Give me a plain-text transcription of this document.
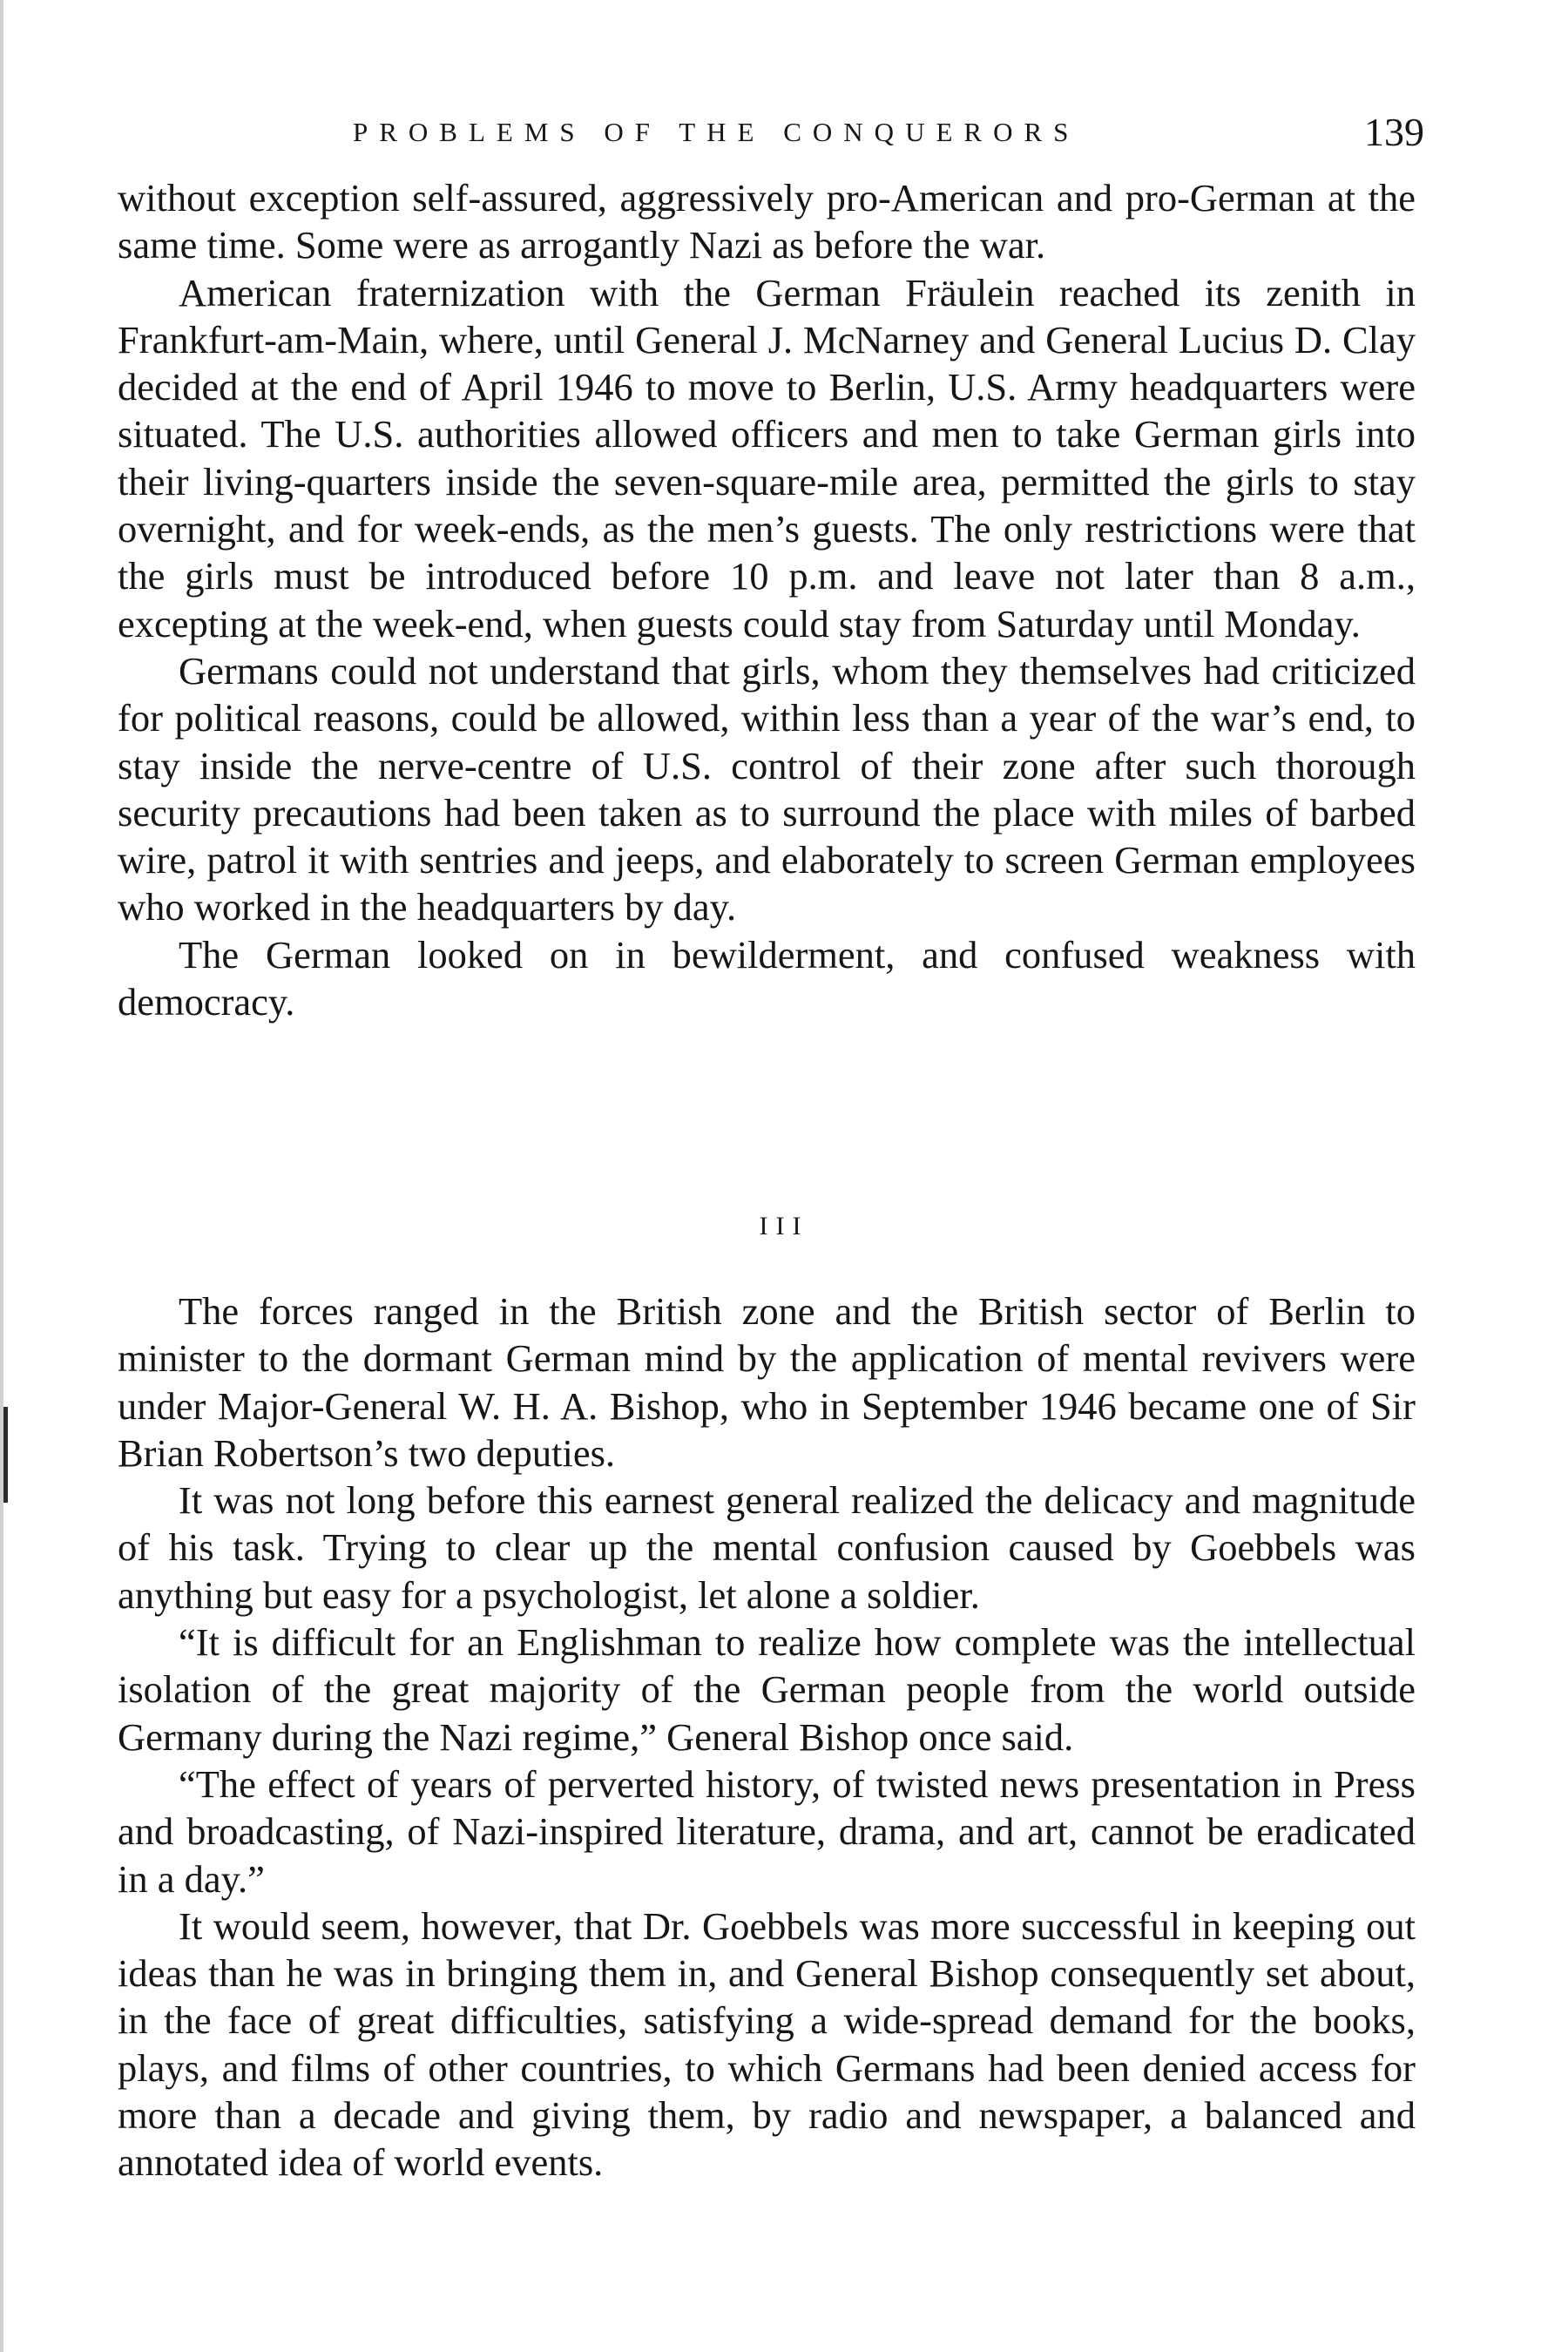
PROBLEMS OF THE CONQUERORS	139

without exception self-assured, aggressively pro-American and pro-German at the same time. Some were as arrogantly Nazi as before the war.

American fraternization with the German Fräulein reached its zenith in Frankfurt-am-Main, where, until General J. McNarney and General Lucius D. Clay decided at the end of April 1946 to move to Berlin, U.S. Army headquarters were situated. The U.S. authorities allowed officers and men to take German girls into their living-quarters inside the seven-square-mile area, permitted the girls to stay overnight, and for week-ends, as the men’s guests. The only restrictions were that the girls must be introduced before 10 p.m. and leave not later than 8 a.m., excepting at the week-end, when guests could stay from Saturday until Monday.

Germans could not understand that girls, whom they themselves had criticized for political reasons, could be allowed, within less than a year of the war’s end, to stay inside the nerve-centre of U.S. control of their zone after such thorough security precautions had been taken as to surround the place with miles of barbed wire, patrol it with sentries and jeeps, and elaborately to screen German employees who worked in the headquarters by day.

The German looked on in bewilderment, and confused weakness with democracy.

III

The forces ranged in the British zone and the British sector of Berlin to minister to the dormant German mind by the application of mental revivers were under Major-General W. H. A. Bishop, who in September 1946 became one of Sir Brian Robertson’s two deputies.

It was not long before this earnest general realized the delicacy and magnitude of his task. Trying to clear up the mental confusion caused by Goebbels was anything but easy for a psychologist, let alone a soldier.

“It is difficult for an Englishman to realize how complete was the intellectual isolation of the great majority of the German people from the world outside Germany during the Nazi regime,” General Bishop once said.

“The effect of years of perverted history, of twisted news presentation in Press and broadcasting, of Nazi-inspired literature, drama, and art, cannot be eradicated in a day.”

It would seem, however, that Dr. Goebbels was more successful in keeping out ideas than he was in bringing them in, and General Bishop consequently set about, in the face of great difficulties, satisfying a wide-spread demand for the books, plays, and films of other countries, to which Germans had been denied access for more than a decade and giving them, by radio and newspaper, a balanced and annotated idea of world events.
